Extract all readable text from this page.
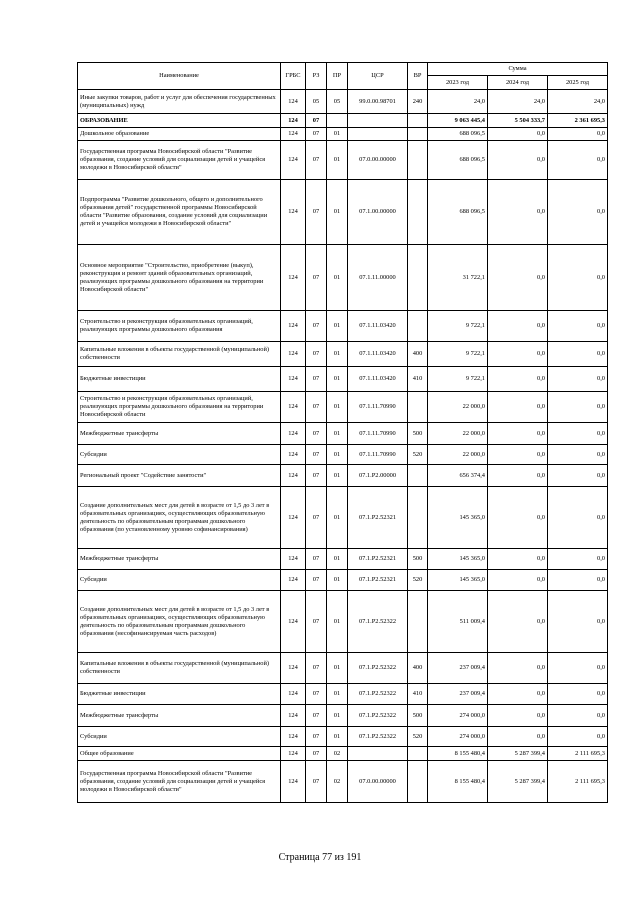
Наименование	ГРБС	РЗ	ПР	ЦСР	ВР	Сумма		
						2023 год	2024 год	2025 год
Иные закупки товаров, работ и услуг для обеспечения государственных (муниципальных) нужд	124	05	05	99.0.00.98701	240	24,0	24,0	24,0
ОБРАЗОВАНИЕ	124	07				9 063 445,4	5 504 333,7	2 361 695,3
Дошкольное образование	124	07	01			688 096,5	0,0	0,0
Государственная программа Новосибирской области "Развитие образования, создание условий для социализации детей и учащейся молодежи в Новосибирской области"	124	07	01	07.0.00.00000		688 096,5	0,0	0,0
Подпрограмма "Развитие дошкольного, общего и дополнительного образования детей" государственной программы Новосибирской области "Развитие образования, создание условий для социализации детей и учащейся молодежи в Новосибирской области"	124	07	01	07.1.00.00000		688 096,5	0,0	0,0
Основное мероприятие "Строительство, приобретение (выкуп), реконструкция и ремонт зданий образовательных организаций, реализующих программы дошкольного образования на территории Новосибирской области"	124	07	01	07.1.11.00000		31 722,1	0,0	0,0
Строительство и реконструкция образовательных организаций, реализующих программы дошкольного образования	124	07	01	07.1.11.03420		9 722,1	0,0	0,0
Капитальные вложения в объекты государственной (муниципальной) собственности	124	07	01	07.1.11.03420	400	9 722,1	0,0	0,0
Бюджетные инвестиции	124	07	01	07.1.11.03420	410	9 722,1	0,0	0,0
Строительство и реконструкция образовательных организаций, реализующих программы дошкольного образования на территории Новосибирской области	124	07	01	07.1.11.70990		22 000,0	0,0	0,0
Межбюджетные трансферты	124	07	01	07.1.11.70990	500	22 000,0	0,0	0,0
Субсидии	124	07	01	07.1.11.70990	520	22 000,0	0,0	0,0
Региональный проект "Содействие занятости"	124	07	01	07.1.P2.00000		656 374,4	0,0	0,0
Создание дополнительных мест для детей в возрасте от 1,5 до 3 лет в образовательных организациях, осуществляющих образовательную деятельность по образовательным программам дошкольного образования (по установленному уровню софинансирования)	124	07	01	07.1.P2.52321		145 365,0	0,0	0,0
Межбюджетные трансферты	124	07	01	07.1.P2.52321	500	145 365,0	0,0	0,0
Субсидии	124	07	01	07.1.P2.52321	520	145 365,0	0,0	0,0
Создание дополнительных мест для детей в возрасте от 1,5 до 3 лет в образовательных организациях, осуществляющих образовательную деятельность по образовательным программам дошкольного образования (несофинансируемая часть расходов)	124	07	01	07.1.P2.52322		511 009,4	0,0	0,0
Капитальные вложения в объекты государственной (муниципальной) собственности	124	07	01	07.1.P2.52322	400	237 009,4	0,0	0,0
Бюджетные инвестиции	124	07	01	07.1.P2.52322	410	237 009,4	0,0	0,0
Межбюджетные трансферты	124	07	01	07.1.P2.52322	500	274 000,0	0,0	0,0
Субсидии	124	07	01	07.1.P2.52322	520	274 000,0	0,0	0,0
Общее образование	124	07	02			8 155 480,4	5 287 399,4	2 111 695,3
Государственная программа Новосибирской области "Развитие образования, создание условий для социализации детей и учащейся молодежи в Новосибирской области"	124	07	02	07.0.00.00000		8 155 480,4	5 287 399,4	2 111 695,3
Страница 77 из 191
